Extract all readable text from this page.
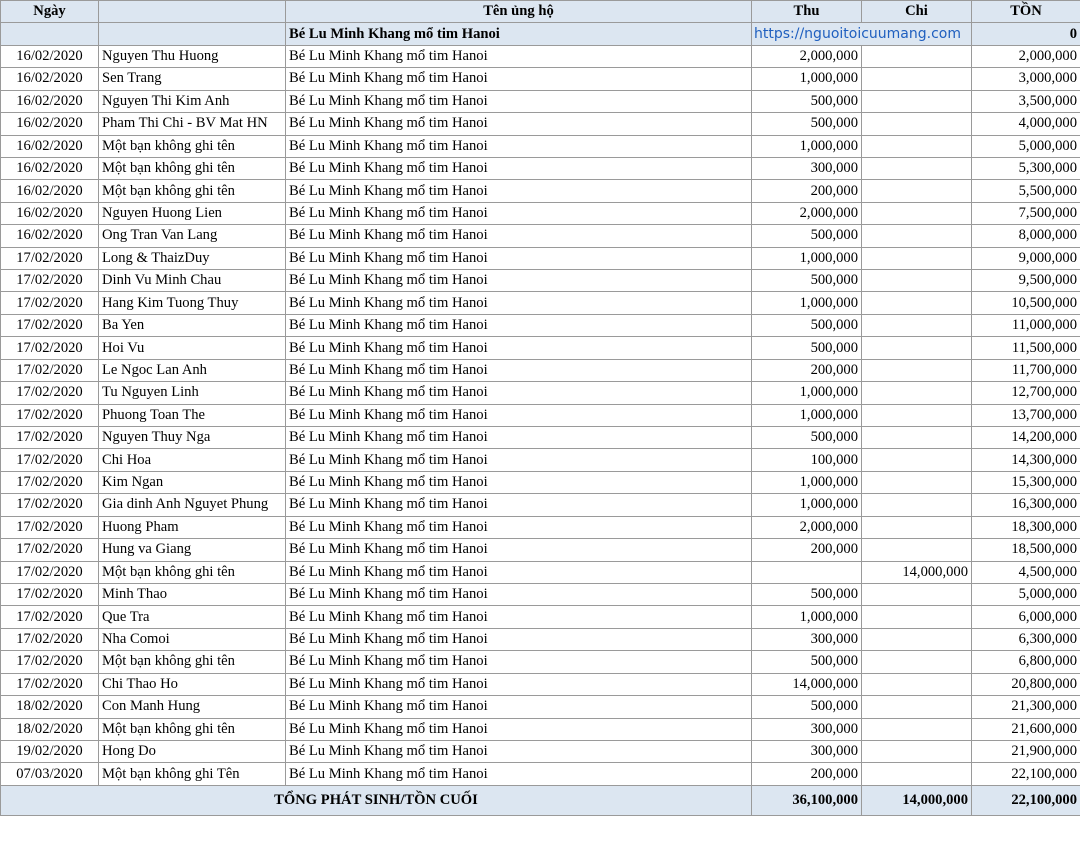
Ngày		Tên ủng hộ	Thu	Chi	TỒN
		Bé Lu Minh Khang mổ tim Hanoi	https://nguoitoicuumang.com		0
16/02/2020	Nguyen Thu Huong	Bé Lu Minh Khang mổ tim Hanoi	2,000,000		2,000,000
16/02/2020	Sen Trang	Bé Lu Minh Khang mổ tim Hanoi	1,000,000		3,000,000
16/02/2020	Nguyen Thi Kim Anh	Bé Lu Minh Khang mổ tim Hanoi	500,000		3,500,000
16/02/2020	Pham Thi Chi - BV Mat HN	Bé Lu Minh Khang mổ tim Hanoi	500,000		4,000,000
16/02/2020	Một bạn không ghi tên	Bé Lu Minh Khang mổ tim Hanoi	1,000,000		5,000,000
16/02/2020	Một bạn không ghi tên	Bé Lu Minh Khang mổ tim Hanoi	300,000		5,300,000
16/02/2020	Một bạn không ghi tên	Bé Lu Minh Khang mổ tim Hanoi	200,000		5,500,000
16/02/2020	Nguyen Huong Lien	Bé Lu Minh Khang mổ tim Hanoi	2,000,000		7,500,000
16/02/2020	Ong Tran Van Lang	Bé Lu Minh Khang mổ tim Hanoi	500,000		8,000,000
17/02/2020	Long & ThaizDuy	Bé Lu Minh Khang mổ tim Hanoi	1,000,000		9,000,000
17/02/2020	Dinh Vu Minh Chau	Bé Lu Minh Khang mổ tim Hanoi	500,000		9,500,000
17/02/2020	Hang Kim Tuong Thuy	Bé Lu Minh Khang mổ tim Hanoi	1,000,000		10,500,000
17/02/2020	Ba Yen	Bé Lu Minh Khang mổ tim Hanoi	500,000		11,000,000
17/02/2020	Hoi Vu	Bé Lu Minh Khang mổ tim Hanoi	500,000		11,500,000
17/02/2020	Le Ngoc Lan Anh	Bé Lu Minh Khang mổ tim Hanoi	200,000		11,700,000
17/02/2020	Tu Nguyen Linh	Bé Lu Minh Khang mổ tim Hanoi	1,000,000		12,700,000
17/02/2020	Phuong Toan The	Bé Lu Minh Khang mổ tim Hanoi	1,000,000		13,700,000
17/02/2020	Nguyen Thuy Nga	Bé Lu Minh Khang mổ tim Hanoi	500,000		14,200,000
17/02/2020	Chi Hoa	Bé Lu Minh Khang mổ tim Hanoi	100,000		14,300,000
17/02/2020	Kim Ngan	Bé Lu Minh Khang mổ tim Hanoi	1,000,000		15,300,000
17/02/2020	Gia dinh Anh Nguyet Phung	Bé Lu Minh Khang mổ tim Hanoi	1,000,000		16,300,000
17/02/2020	Huong Pham	Bé Lu Minh Khang mổ tim Hanoi	2,000,000		18,300,000
17/02/2020	Hung va Giang	Bé Lu Minh Khang mổ tim Hanoi	200,000		18,500,000
17/02/2020	Một bạn không ghi tên	Bé Lu Minh Khang mổ tim Hanoi		14,000,000	4,500,000
17/02/2020	Minh Thao	Bé Lu Minh Khang mổ tim Hanoi	500,000		5,000,000
17/02/2020	Que Tra	Bé Lu Minh Khang mổ tim Hanoi	1,000,000		6,000,000
17/02/2020	Nha Comoi	Bé Lu Minh Khang mổ tim Hanoi	300,000		6,300,000
17/02/2020	Một bạn không ghi tên	Bé Lu Minh Khang mổ tim Hanoi	500,000		6,800,000
17/02/2020	Chi Thao Ho	Bé Lu Minh Khang mổ tim Hanoi	14,000,000		20,800,000
18/02/2020	Con Manh Hung	Bé Lu Minh Khang mổ tim Hanoi	500,000		21,300,000
18/02/2020	Một bạn không ghi tên	Bé Lu Minh Khang mổ tim Hanoi	300,000		21,600,000
19/02/2020	Hong Do	Bé Lu Minh Khang mổ tim Hanoi	300,000		21,900,000
07/03/2020	Một bạn không ghi Tên	Bé Lu Minh Khang mổ tim Hanoi	200,000		22,100,000
TỔNG PHÁT SINH/TỒN CUỐI			36,100,000	14,000,000	22,100,000
